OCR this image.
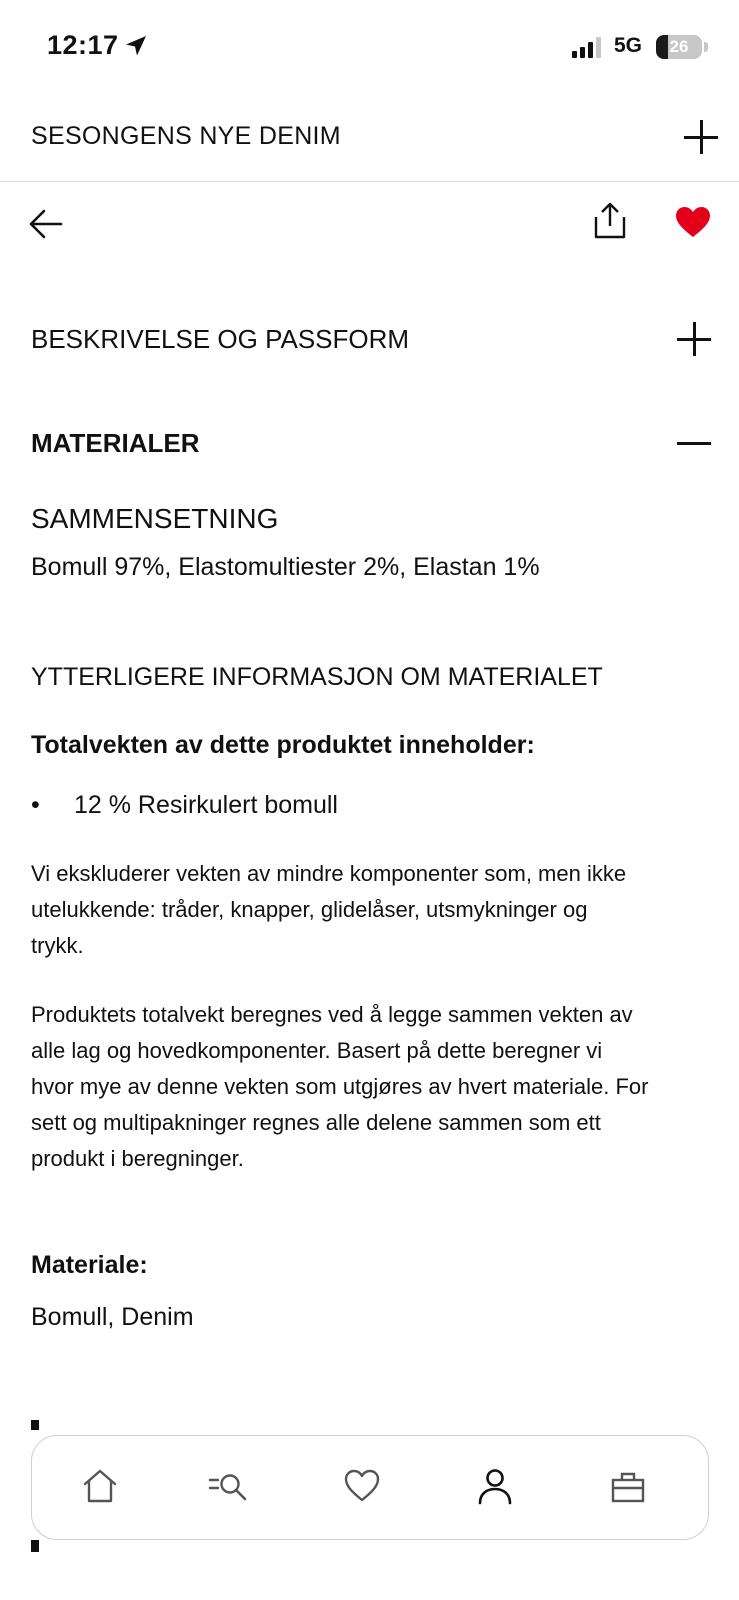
12:17	5G	26
SESONGENS NYE DENIM
BESKRIVELSE OG PASSFORM
MATERIALER
SAMMENSETNING
Bomull 97%, Elastomultiester 2%, Elastan 1%
YTTERLIGERE INFORMASJON OM MATERIALET
Totalvekten av dette produktet inneholder:
• 12 % Resirkulert bomull
Vi ekskluderer vekten av mindre komponenter som, men ikke
utelukkende: tråder, knapper, glidelåser, utsmykninger og
trykk.
Produktets totalvekt beregnes ved å legge sammen vekten av
alle lag og hovedkomponenter. Basert på dette beregner vi
hvor mye av denne vekten som utgjøres av hvert materiale. For
sett og multipakninger regnes alle delene sammen som ett
produkt i beregninger.
Materiale:
Bomull, Denim
